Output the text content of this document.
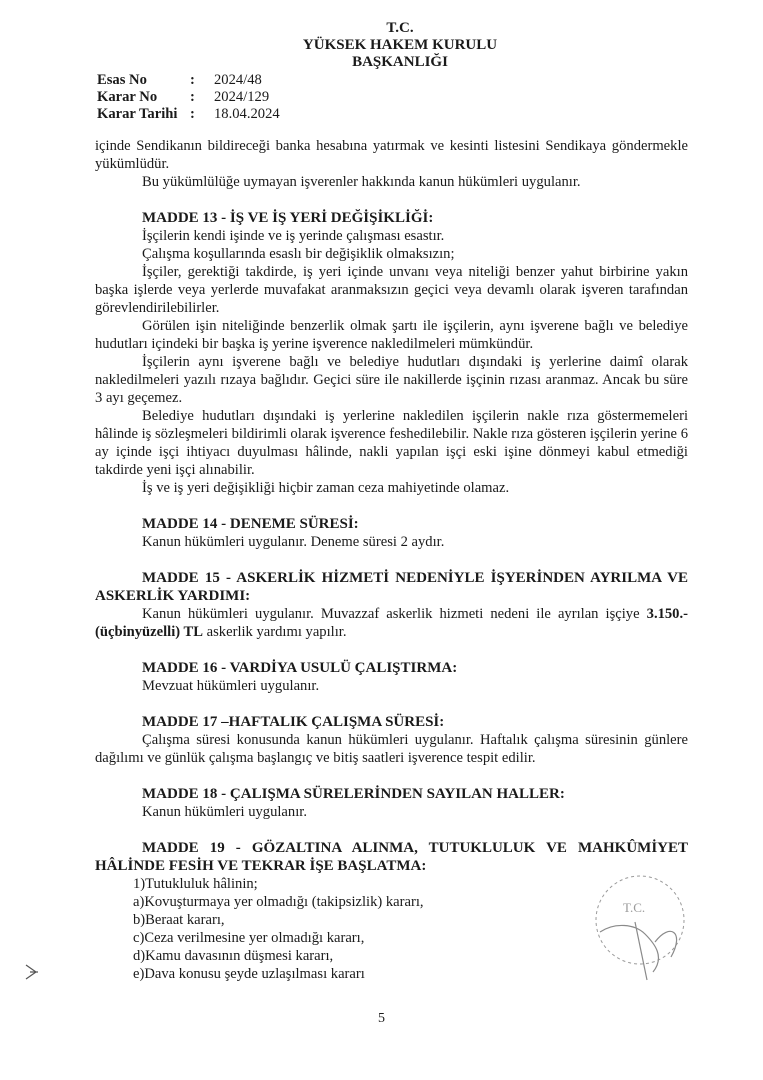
T.C.
YÜKSEK HAKEM KURULU
BAŞKANLIĞI
Esas No	:	2024/48
Karar No	:	2024/129
Karar Tarihi :	18.04.2024

içinde Sendikanın bildireceği banka hesabına yatırmak ve kesinti listesini Sendikaya göndermekle yükümlüdür.

Bu yükümlülüğe uymayan işverenler hakkında kanun hükümleri uygulanır.

MADDE 13 - İŞ VE İŞ YERİ DEĞİŞİKLİĞİ:

İşçilerin kendi işinde ve iş yerinde çalışması esastır.

Çalışma koşullarında esaslı bir değişiklik olmaksızın;

İşçiler, gerektiği takdirde, iş yeri içinde unvanı veya niteliği benzer yahut birbirine yakın başka işlerde veya yerlerde muvafakat aranmaksızın geçici veya devamlı olarak işveren tarafından görevlendirilebilirler.

Görülen işin niteliğinde benzerlik olmak şartı ile işçilerin, aynı işverene bağlı ve belediye hudutları içindeki bir başka iş yerine işverence nakledilmeleri mümkündür.

İşçilerin aynı işverene bağlı ve belediye hudutları dışındaki iş yerlerine daimî olarak nakledilmeleri yazılı rızaya bağlıdır. Geçici süre ile nakillerde işçinin rızası aranmaz. Ancak bu süre 3 ayı geçemez.

Belediye hudutları dışındaki iş yerlerine nakledilen işçilerin nakle rıza göstermemeleri hâlinde iş sözleşmeleri bildirimli olarak işverence feshedilebilir. Nakle rıza gösteren işçilerin yerine 6 ay içinde işçi ihtiyacı duyulması hâlinde, nakli yapılan işçi eski işine dönmeyi kabul etmediği takdirde yeni işçi alınabilir.

İş ve iş yeri değişikliği hiçbir zaman ceza mahiyetinde olamaz.

MADDE 14 - DENEME SÜRESİ:

Kanun hükümleri uygulanır. Deneme süresi 2 aydır.

MADDE 15 - ASKERLİK HİZMETİ NEDENİYLE İŞYERİNDEN AYRILMA VE ASKERLİK YARDIMI:

Kanun hükümleri uygulanır. Muvazzaf askerlik hizmeti nedeni ile ayrılan işçiye 3.150.-(üçbinyüzelli) TL askerlik yardımı yapılır.

MADDE 16 - VARDİYA USULÜ ÇALIŞTIRMA:

Mevzuat hükümleri uygulanır.

MADDE 17 –HAFTALIK ÇALIŞMA SÜRESİ:

Çalışma süresi konusunda kanun hükümleri uygulanır. Haftalık çalışma süresinin günlere dağılımı ve günlük çalışma başlangıç ve bitiş saatleri işverence tespit edilir.

MADDE 18 - ÇALIŞMA SÜRELERİNDEN SAYILAN HALLER:

Kanun hükümleri uygulanır.

MADDE 19 - GÖZALTINA ALINMA, TUTUKLULUK VE MAHKÛMİYET HÂLİNDE FESİH VE TEKRAR İŞE BAŞLATMA:

1)Tutukluluk hâlinin;

a)Kovuşturmaya yer olmadığı (takipsizlik) kararı,

b)Beraat kararı,

c)Ceza verilmesine yer olmadığı kararı,

d)Kamu davasının düşmesi kararı,

e)Dava konusu şeyde uzlaşılması kararı

T.C.
5
